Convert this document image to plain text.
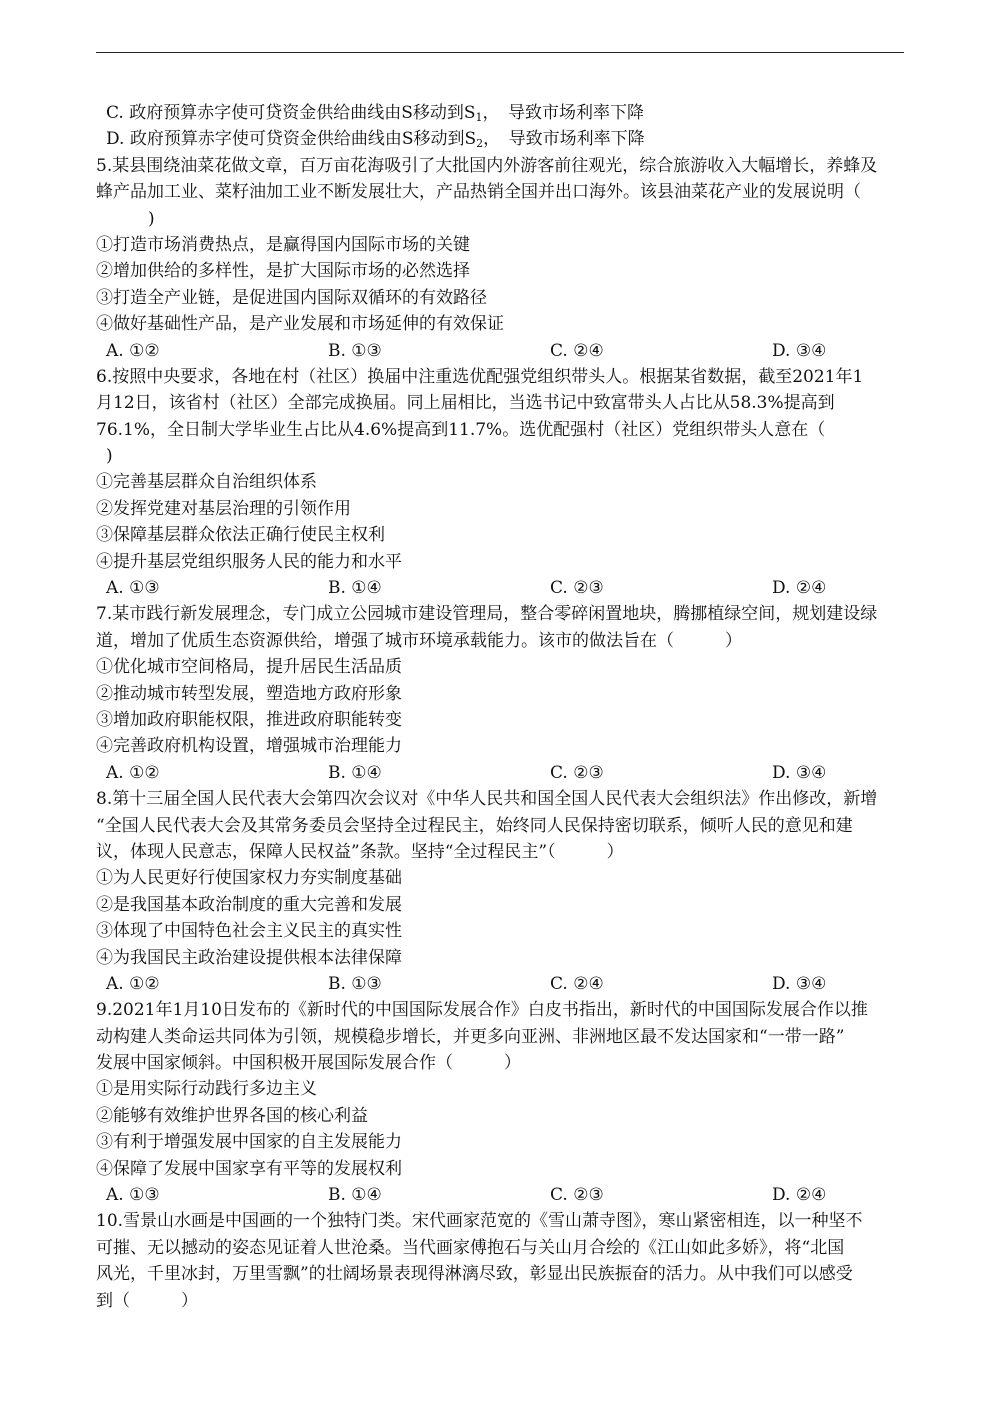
C. 政府预算赤字使可贷资金供给曲线由S移动到$S_1$，　导致市场利率下降
D. 政府预算赤字使可贷资金供给曲线由S移动到$S_2$，　导致市场利率下降
5.某县围绕油菜花做文章，百万亩花海吸引了大批国内外游客前往观光，综合旅游收入大幅增长，养蜂及
蜂产品加工业、菜籽油加工业不断发展壮大，产品热销全国并出口海外。该县油菜花产业的发展说明（
)
①打造市场消费热点，是赢得国内国际市场的关键
②增加供给的多样性，是扩大国际市场的必然选择
③打造全产业链，是促进国内国际双循环的有效路径
④做好基础性产品，是产业发展和市场延伸的有效保证
A. ①②	B. ①③	C. ②④	D. ③④
6.按照中央要求，各地在村（社区）换届中注重选优配强党组织带头人。根据某省数据，截至2021年1
月12日，该省村（社区）全部完成换届。同上届相比，当选书记中致富带头人占比从58.3%提高到
76.1%，全日制大学毕业生占比从4.6%提高到11.7%。选优配强村（社区）党组织带头人意在（
)
①完善基层群众自治组织体系
②发挥党建对基层治理的引领作用
③保障基层群众依法正确行使民主权利
④提升基层党组织服务人民的能力和水平
A. ①③	B. ①④	C. ②③	D. ②④
7.某市践行新发展理念，专门成立公园城市建设管理局，整合零碎闲置地块，腾挪植绿空间，规划建设绿
道，增加了优质生态资源供给，增强了城市环境承载能力。该市的做法旨在（　　　）
①优化城市空间格局，提升居民生活品质
②推动城市转型发展，塑造地方政府形象
③增加政府职能权限，推进政府职能转变
④完善政府机构设置，增强城市治理能力
A. ①②	B. ①④	C. ②③	D. ③④
8.第十三届全国人民代表大会第四次会议对《中华人民共和国全国人民代表大会组织法》作出修改，新增
“全国人民代表大会及其常务委员会坚持全过程民主，始终同人民保持密切联系，倾听人民的意见和建
议，体现人民意志，保障人民权益”条款。坚持“全过程民主”（　　　）
①为人民更好行使国家权力夯实制度基础
②是我国基本政治制度的重大完善和发展
③体现了中国特色社会主义民主的真实性
④为我国民主政治建设提供根本法律保障
A. ①②	B. ①③	C. ②④	D. ③④
9.2021年1月10日发布的《新时代的中国国际发展合作》白皮书指出，新时代的中国国际发展合作以推
动构建人类命运共同体为引领，规模稳步增长，并更多向亚洲、非洲地区最不发达国家和“一带一路”
发展中国家倾斜。中国积极开展国际发展合作（　　　）
①是用实际行动践行多边主义
②能够有效维护世界各国的核心利益
③有利于增强发展中国家的自主发展能力
④保障了发展中国家享有平等的发展权利
A. ①③	B. ①④	C. ②③	D. ②④
10.雪景山水画是中国画的一个独特门类。宋代画家范宽的《雪山萧寺图》，寒山紧密相连，以一种坚不
可摧、无以撼动的姿态见证着人世沧桑。当代画家傅抱石与关山月合绘的《江山如此多娇》，将“北国
风光，千里冰封，万里雪飘”的壮阔场景表现得淋漓尽致，彰显出民族振奋的活力。从中我们可以感受
到（　　　）
